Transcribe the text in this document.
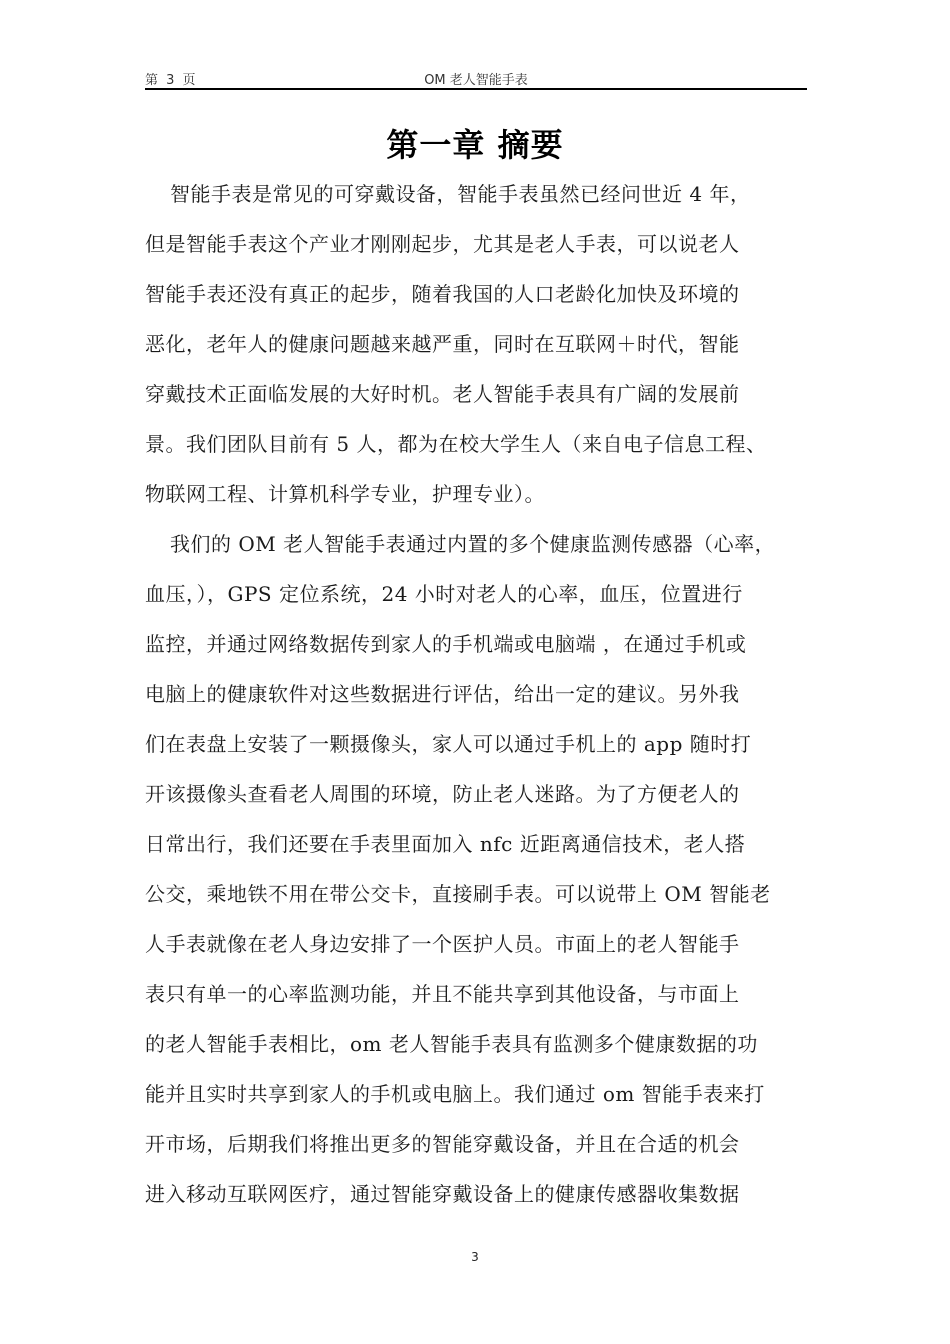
第 3 页	OM 老人智能手表
第一章 摘要
智能手表是常见的可穿戴设备，智能手表虽然已经问世近 4 年，
但是智能手表这个产业才刚刚起步，尤其是老人手表，可以说老人
智能手表还没有真正的起步，随着我国的人口老龄化加快及环境的
恶化，老年人的健康问题越来越严重，同时在互联网＋时代，智能
穿戴技术正面临发展的大好时机。老人智能手表具有广阔的发展前
景。我们团队目前有 5 人，都为在校大学生人（来自电子信息工程、
物联网工程、计算机科学专业，护理专业）。
我们的 OM 老人智能手表通过内置的多个健康监测传感器（心率，
血压，），GPS 定位系统，24 小时对老人的心率，血压，位置进行
监控，并通过网络数据传到家人的手机端或电脑端 ，在通过手机或
电脑上的健康软件对这些数据进行评估，给出一定的建议。另外我
们在表盘上安装了一颗摄像头，家人可以通过手机上的 app 随时打
开该摄像头查看老人周围的环境，防止老人迷路。为了方便老人的
日常出行，我们还要在手表里面加入 nfc 近距离通信技术，老人搭
公交，乘地铁不用在带公交卡，直接刷手表。可以说带上 OM 智能老
人手表就像在老人身边安排了一个医护人员。市面上的老人智能手
表只有单一的心率监测功能，并且不能共享到其他设备，与市面上
的老人智能手表相比，om 老人智能手表具有监测多个健康数据的功
能并且实时共享到家人的手机或电脑上。我们通过 om 智能手表来打
开市场，后期我们将推出更多的智能穿戴设备，并且在合适的机会
进入移动互联网医疗，通过智能穿戴设备上的健康传感器收集数据
3
